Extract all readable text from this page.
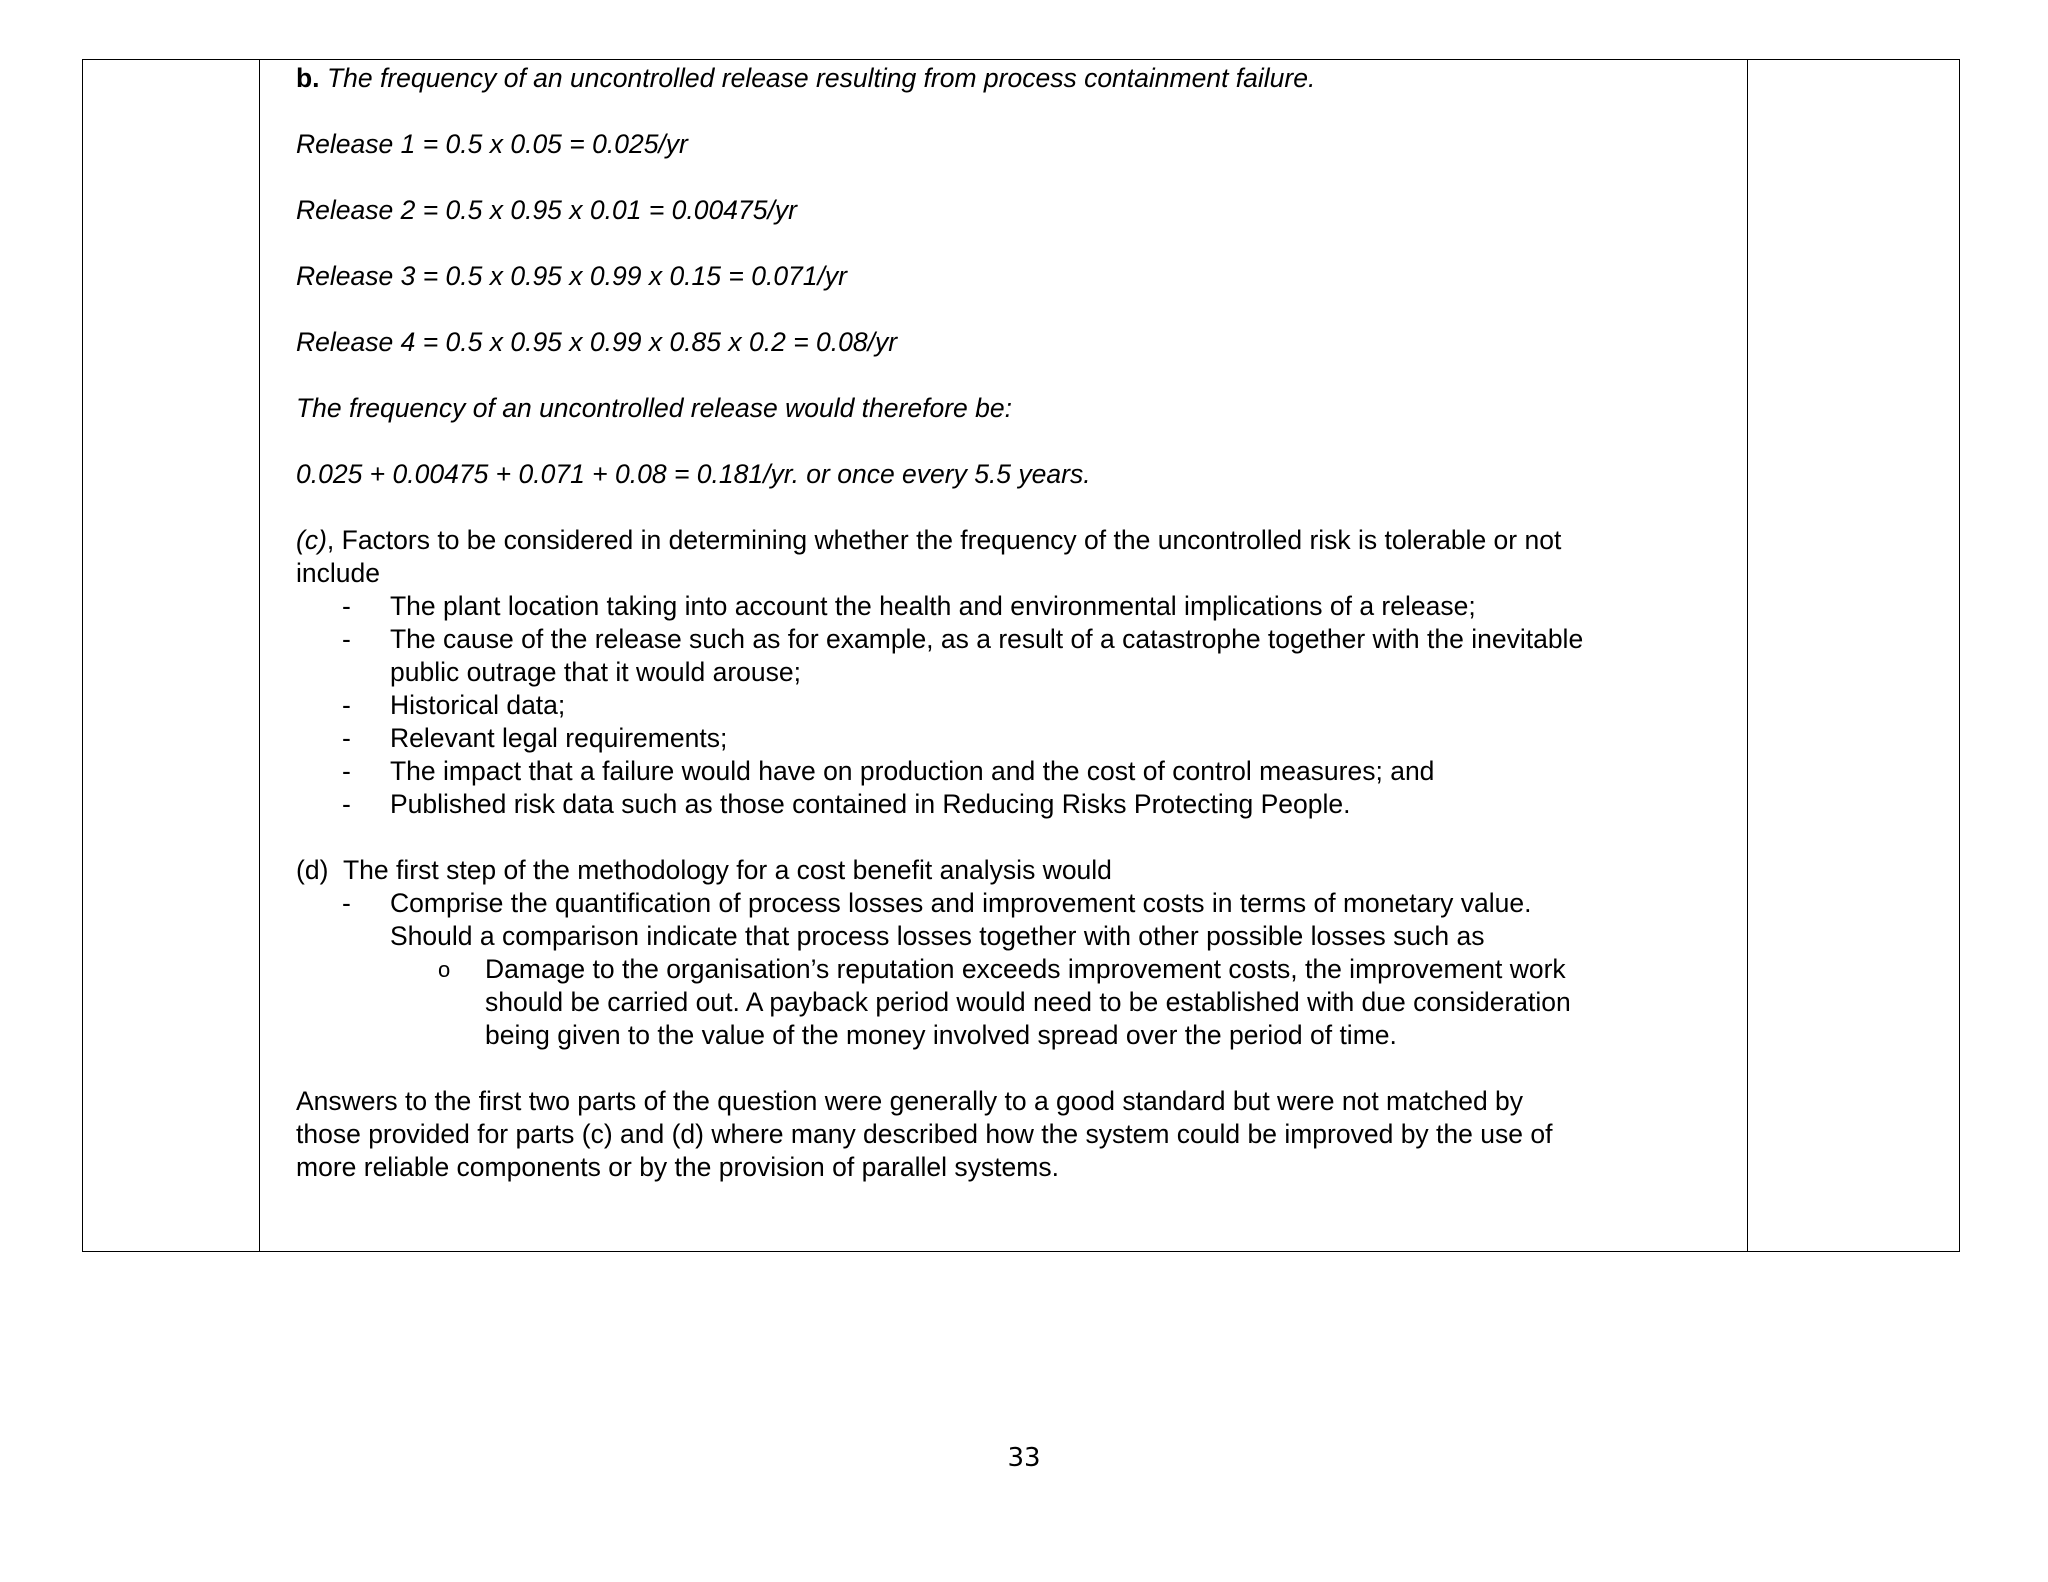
b. The frequency of an uncontrolled release resulting from process containment failure.

Release 1 = 0.5 x 0.05 = 0.025/yr

Release 2 = 0.5 x 0.95 x 0.01 = 0.00475/yr

Release 3 = 0.5 x 0.95 x 0.99 x 0.15 = 0.071/yr

Release 4 = 0.5 x 0.95 x 0.99 x 0.85 x 0.2 = 0.08/yr

The frequency of an uncontrolled release would therefore be:

0.025 + 0.00475 + 0.071 + 0.08 = 0.181/yr. or once every 5.5 years.

(c), Factors to be considered in determining whether the frequency of the uncontrolled risk is tolerable or not

include

- The plant location taking into account the health and environmental implications of a release;
- The cause of the release such as for example, as a result of a catastrophe together with the inevitable
public outrage that it would arouse;
- Historical data;
- Relevant legal requirements;
- The impact that a failure would have on production and the cost of control measures; and
- Published risk data such as those contained in Reducing Risks Protecting People.

(d) The first step of the methodology for a cost benefit analysis would

- Comprise the quantification of process losses and improvement costs in terms of monetary value.
Should a comparison indicate that process losses together with other possible losses such as
o Damage to the organisation’s reputation exceeds improvement costs, the improvement work

should be carried out. A payback period would need to be established with due consideration

being given to the value of the money involved spread over the period of time.

Answers to the first two parts of the question were generally to a good standard but were not matched by

those provided for parts (c) and (d) where many described how the system could be improved by the use of

more reliable components or by the provision of parallel systems.

33
